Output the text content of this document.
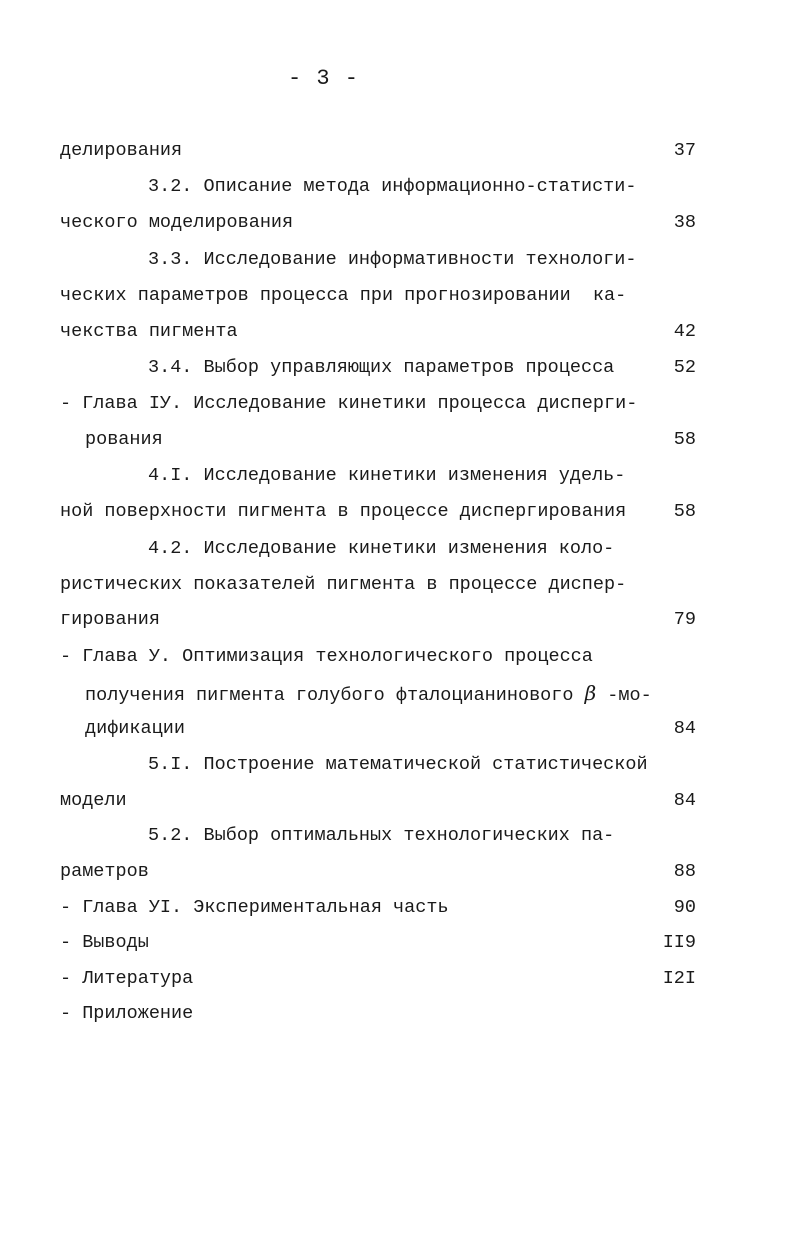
- 3 -
делирования	37
3.2. Описание метода информационно-статисти-
ческого моделирования	38
3.3. Исследование информативности технологи-
ческих параметров процесса при прогнозировании  ка-
чекства пигмента	42
3.4. Выбор управляющих параметров процесса	52
- Глава IУ. Исследование кинетики процесса дисперги-
рования	58
4.I. Исследование кинетики изменения удель-
ной поверхности пигмента в процессе диспергирования	58
4.2. Исследование кинетики изменения коло-
ристических показателей пигмента в процессе диспер-
гирования	79
- Глава У. Оптимизация технологического процесса
получения пигмента голубого фталоцианинового β -мо-
дификации	84
5.I. Построение математической статистической
модели	84
5.2. Выбор оптимальных технологических па-
раметров	88
- Глава УI. Экспериментальная часть	90
- Выводы	II9
- Литература	I2I
- Приложение
